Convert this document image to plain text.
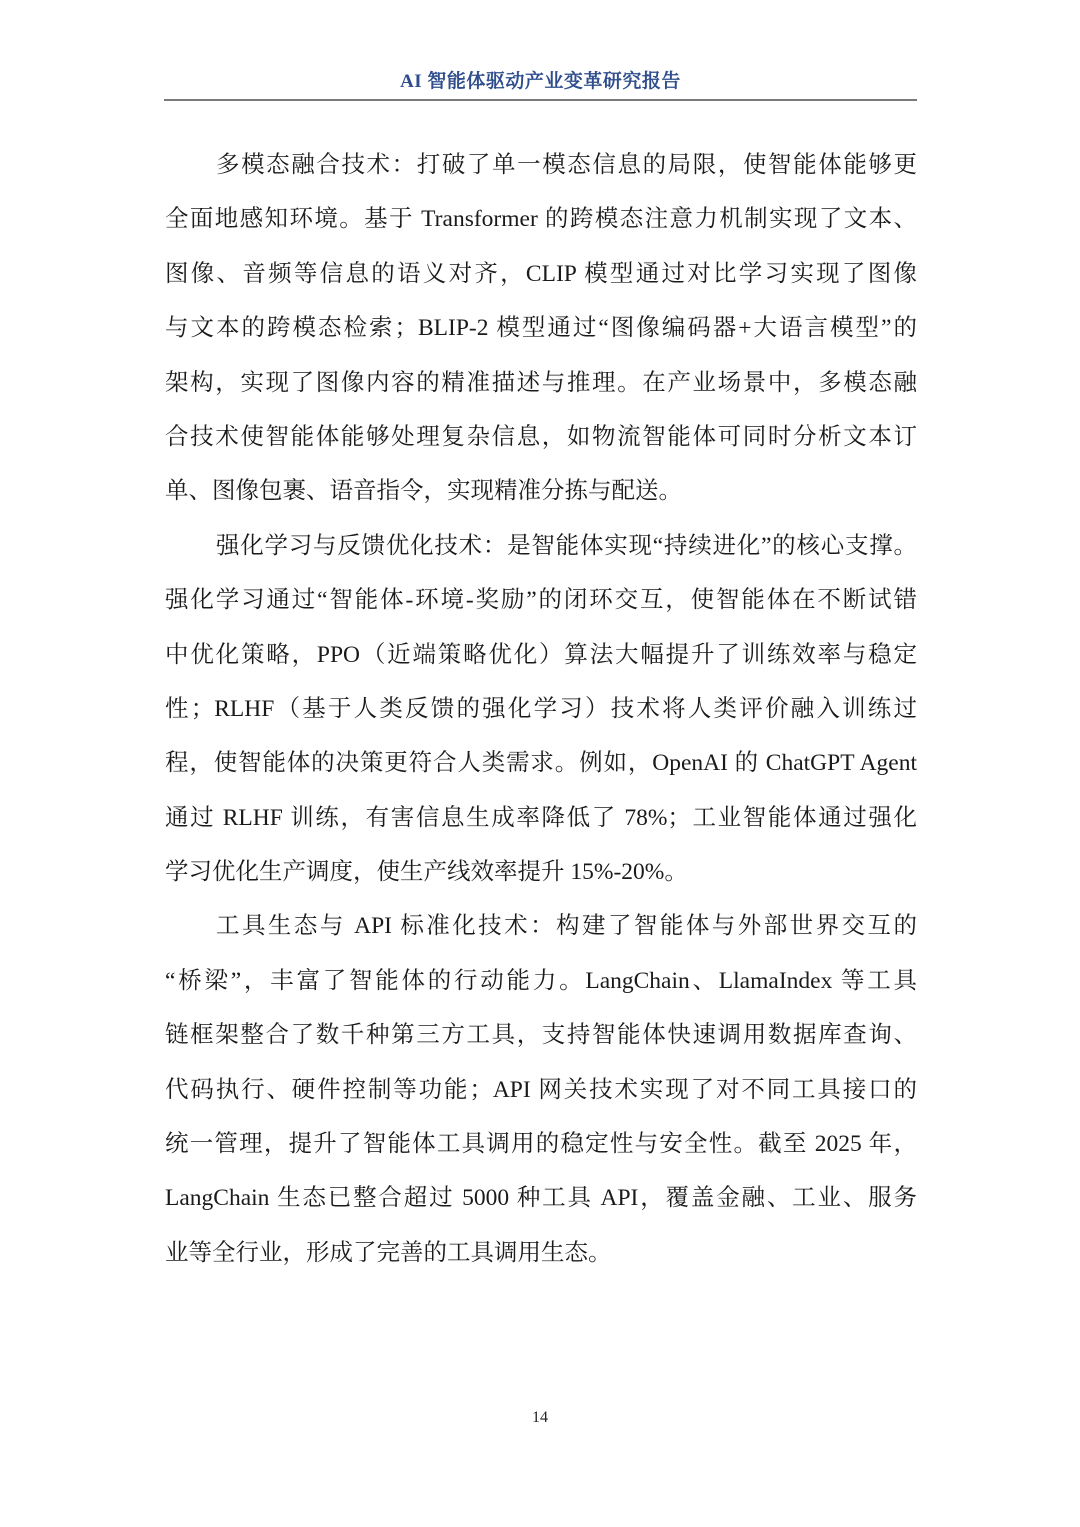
AI 智能体驱动产业变革研究报告
多模态融合技术：打破了单一模态信息的局限，使智能体能够更
全面地感知环境。基于 Transformer 的跨模态注意力机制实现了文本、
图像、音频等信息的语义对齐，CLIP 模型通过对比学习实现了图像
与文本的跨模态检索；BLIP-2 模型通过“图像编码器+大语言模型”的
架构，实现了图像内容的精准描述与推理。在产业场景中，多模态融
合技术使智能体能够处理复杂信息，如物流智能体可同时分析文本订
单、图像包裹、语音指令，实现精准分拣与配送。
强化学习与反馈优化技术：是智能体实现“持续进化”的核心支撑。
强化学习通过“智能体-环境-奖励”的闭环交互，使智能体在不断试错
中优化策略，PPO（近端策略优化）算法大幅提升了训练效率与稳定
性；RLHF（基于人类反馈的强化学习）技术将人类评价融入训练过
程，使智能体的决策更符合人类需求。例如，OpenAI 的 ChatGPT Agent
通过 RLHF 训练，有害信息生成率降低了 78%；工业智能体通过强化
学习优化生产调度，使生产线效率提升 15%-20%。
工具生态与 API 标准化技术：构建了智能体与外部世界交互的
“桥梁”，丰富了智能体的行动能力。LangChain、LlamaIndex 等工具
链框架整合了数千种第三方工具，支持智能体快速调用数据库查询、
代码执行、硬件控制等功能；API 网关技术实现了对不同工具接口的
统一管理，提升了智能体工具调用的稳定性与安全性。截至 2025 年，
LangChain 生态已整合超过 5000 种工具 API，覆盖金融、工业、服务
业等全行业，形成了完善的工具调用生态。
14
